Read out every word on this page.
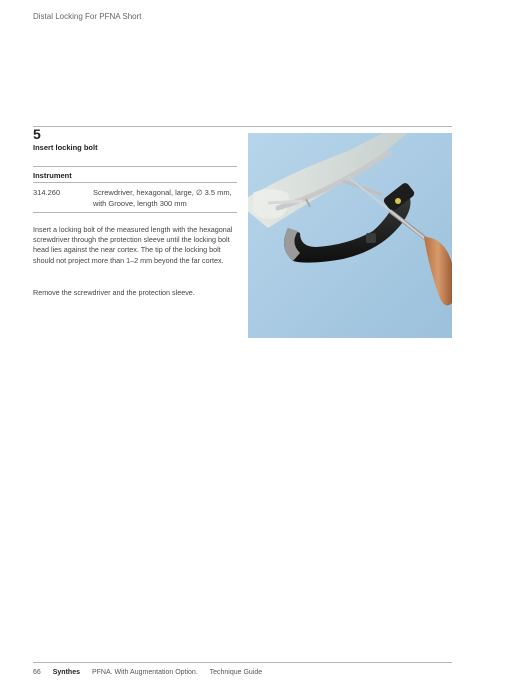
Distal Locking For PFNA Short
5
Insert locking bolt
Instrument
314.260	Screwdriver, hexagonal, large, ∅ 3.5 mm, with Groove, length 300 mm

Insert a locking bolt of the measured length with the hexagonal screwdriver through the protection sleeve until the locking bolt head lies against the near cortex. The tip of the locking bolt should not project more than 1–2 mm beyond the far cortex.

Remove the screwdriver and the protection sleeve.

66 Synthes PFNA. With Augmentation Option. Technique Guide
